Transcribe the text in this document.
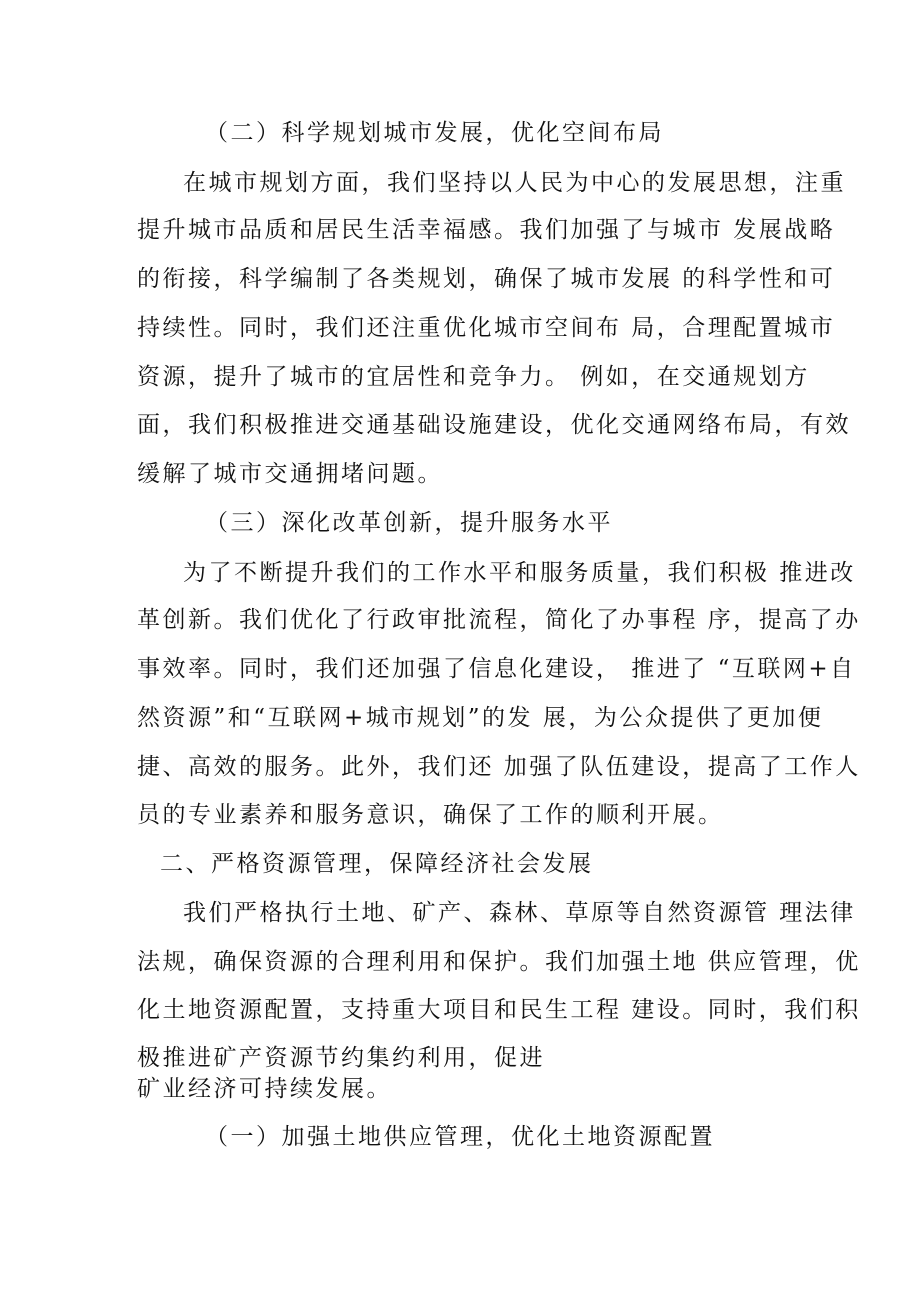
（二）科学规划城市发展，优化空间布局
在城市规划方面，我们坚持以人民为中心的发展思想，注重
提升城市品质和居民生活幸福感。我们加强了与城市 发展战略
的衔接，科学编制了各类规划，确保了城市发展 的科学性和可
持续性。同时，我们还注重优化城市空间布 局，合理配置城市
资源，提升了城市的宜居性和竞争力。 例如，在交通规划方
面，我们积极推进交通基础设施建设，优化交通网络布局，有效
缓解了城市交通拥堵问题。
（三）深化改革创新，提升服务水平
为了不断提升我们的工作水平和服务质量，我们积极 推进改
革创新。我们优化了行政审批流程，简化了办事程 序，提高了办
事效率。同时，我们还加强了信息化建设， 推进了 “互联网+自
然资源”和“互联网+城市规划”的发 展，为公众提供了更加便
捷、高效的服务。此外，我们还 加强了队伍建设，提高了工作人
员的专业素养和服务意识，确保了工作的顺利开展。
二、严格资源管理，保障经济社会发展
我们严格执行土地、矿产、森林、草原等自然资源管 理法律
法规，确保资源的合理利用和保护。我们加强土地 供应管理，优
化土地资源配置，支持重大项目和民生工程 建设。同时，我们积
极推进矿产资源节约集约利用，促进
矿业经济可持续发展。
（一）加强土地供应管理，优化土地资源配置
